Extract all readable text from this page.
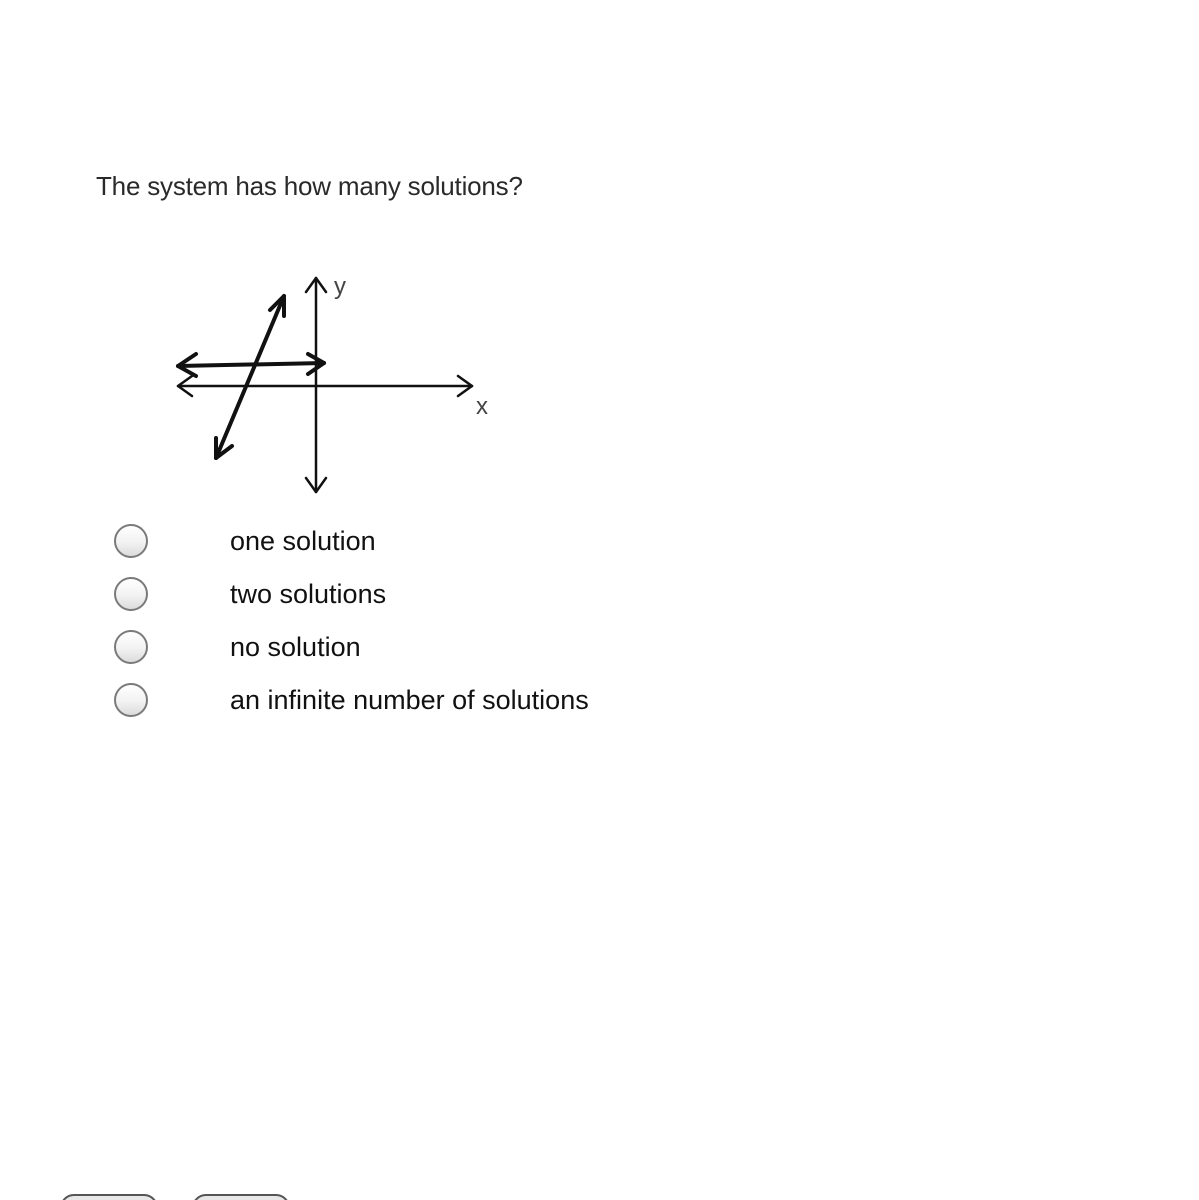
The system has how many solutions?
y
x
one solution
two solutions
no solution
an infinite number of solutions
